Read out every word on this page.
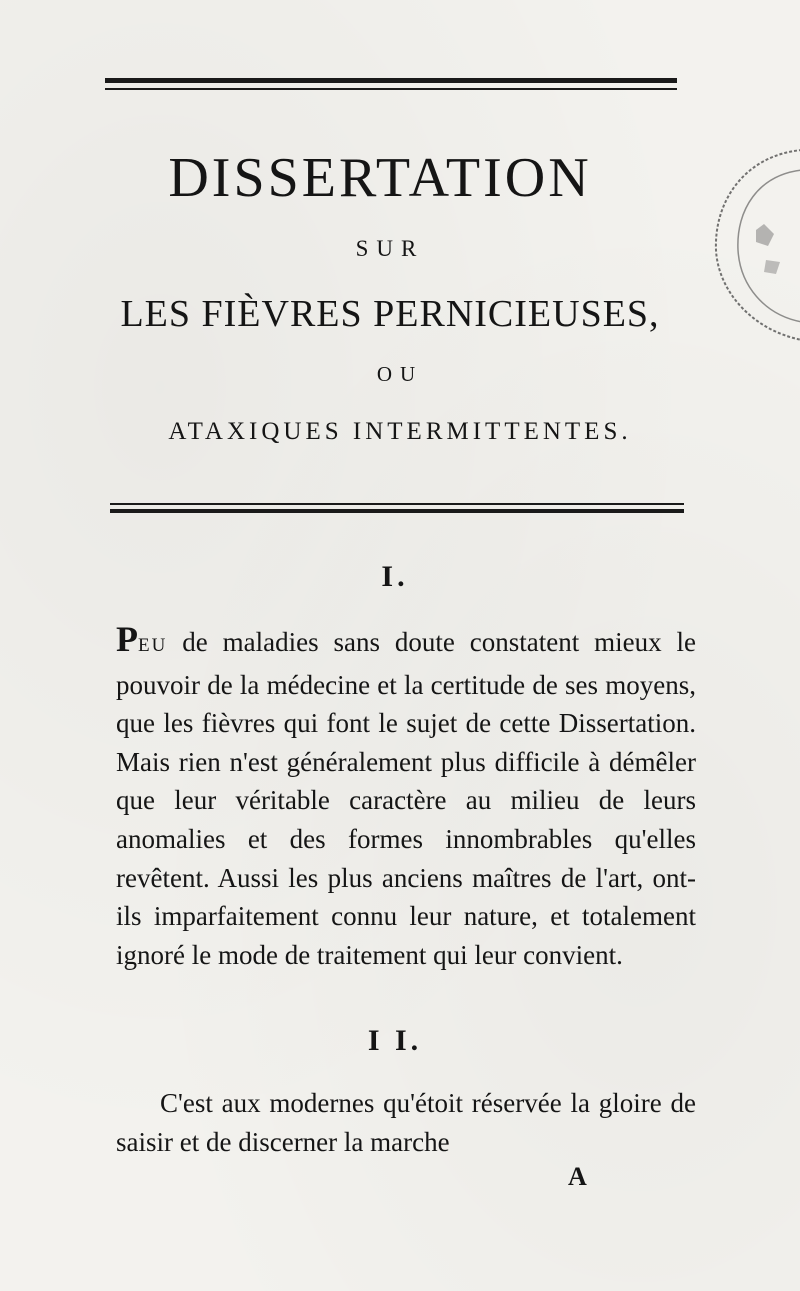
DISSERTATION
SUR
LES FIÈVRES PERNICIEUSES,
OU
ATAXIQUES INTERMITTENTES.
I.

PEU de maladies sans doute constatent mieux le pouvoir de la médecine et la certitude de ses moyens, que les fièvres qui font le sujet de cette Dissertation. Mais rien n'est généralement plus difficile à démêler que leur véritable caractère au milieu de leurs anomalies et des formes innombrables qu'elles revêtent. Aussi les plus anciens maîtres de l'art, ont-ils imparfaitement connu leur nature, et totalement ignoré le mode de traitement qui leur convient.

I I.

C'est aux modernes qu'étoit réservée la gloire de saisir et de discerner la marche

A
